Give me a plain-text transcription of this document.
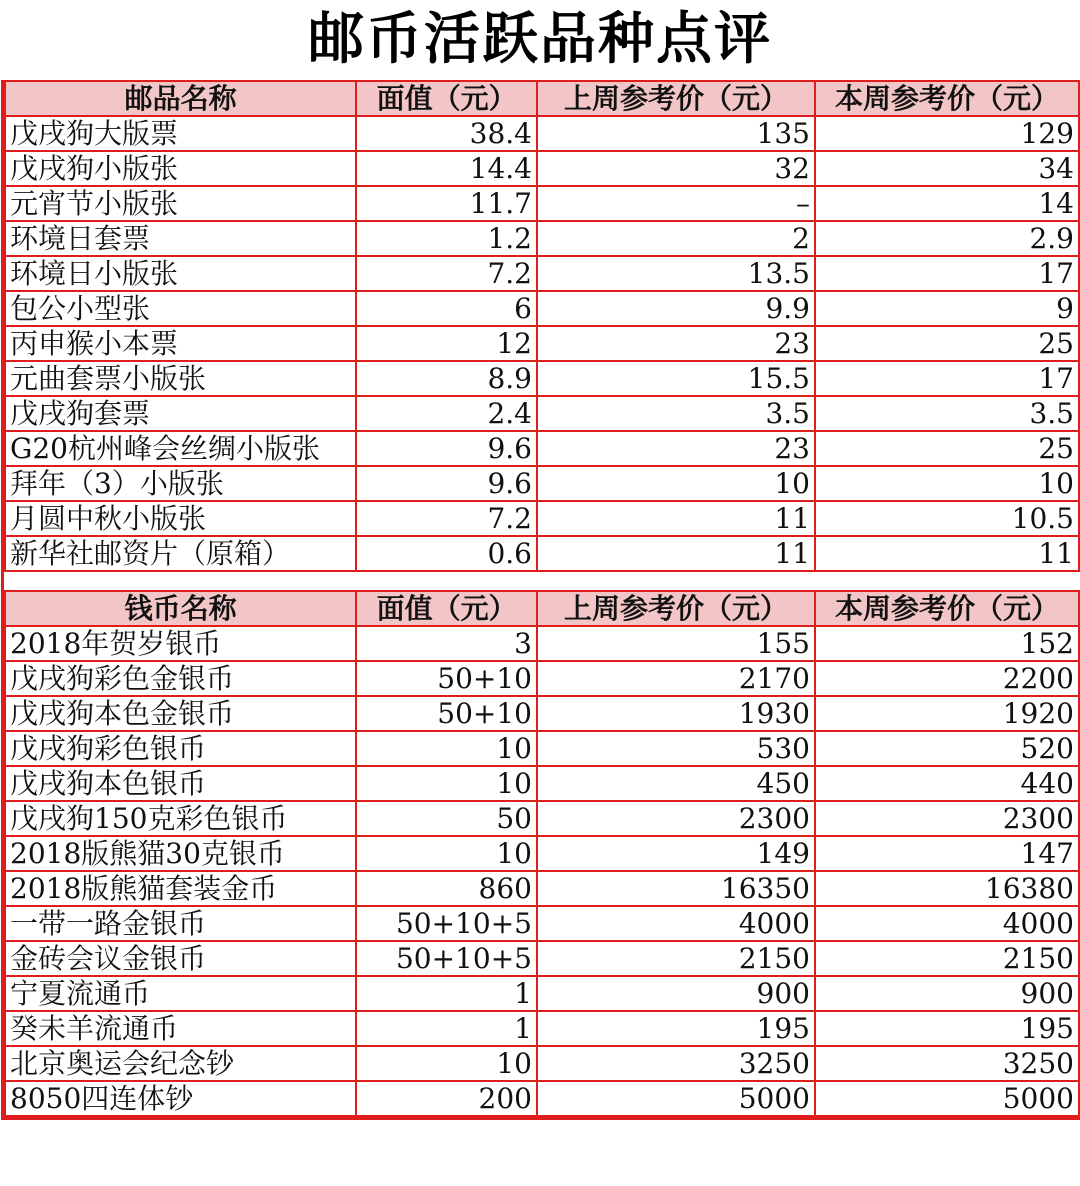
邮币活跃品种点评
邮品名称	面值（元）	上周参考价（元）	本周参考价（元）
戊戌狗大版票	38.4	135	129
戊戌狗小版张	14.4	32	34
元宵节小版张	11.7	–	14
环境日套票	1.2	2	2.9
环境日小版张	7.2	13.5	17
包公小型张	6	9.9	9
丙申猴小本票	12	23	25
元曲套票小版张	8.9	15.5	17
戊戌狗套票	2.4	3.5	3.5
G20杭州峰会丝绸小版张	9.6	23	25
拜年（3）小版张	9.6	10	10
月圆中秋小版张	7.2	11	10.5
新华社邮资片（原箱）	0.6	11	11

钱币名称	面值（元）	上周参考价（元）	本周参考价（元）
2018年贺岁银币	3	155	152
戊戌狗彩色金银币	50+10	2170	2200
戊戌狗本色金银币	50+10	1930	1920
戊戌狗彩色银币	10	530	520
戊戌狗本色银币	10	450	440
戊戌狗150克彩色银币	50	2300	2300
2018版熊猫30克银币	10	149	147
2018版熊猫套装金币	860	16350	16380
一带一路金银币	50+10+5	4000	4000
金砖会议金银币	50+10+5	2150	2150
宁夏流通币	1	900	900
癸未羊流通币	1	195	195
北京奥运会纪念钞	10	3250	3250
8050四连体钞	200	5000	5000
